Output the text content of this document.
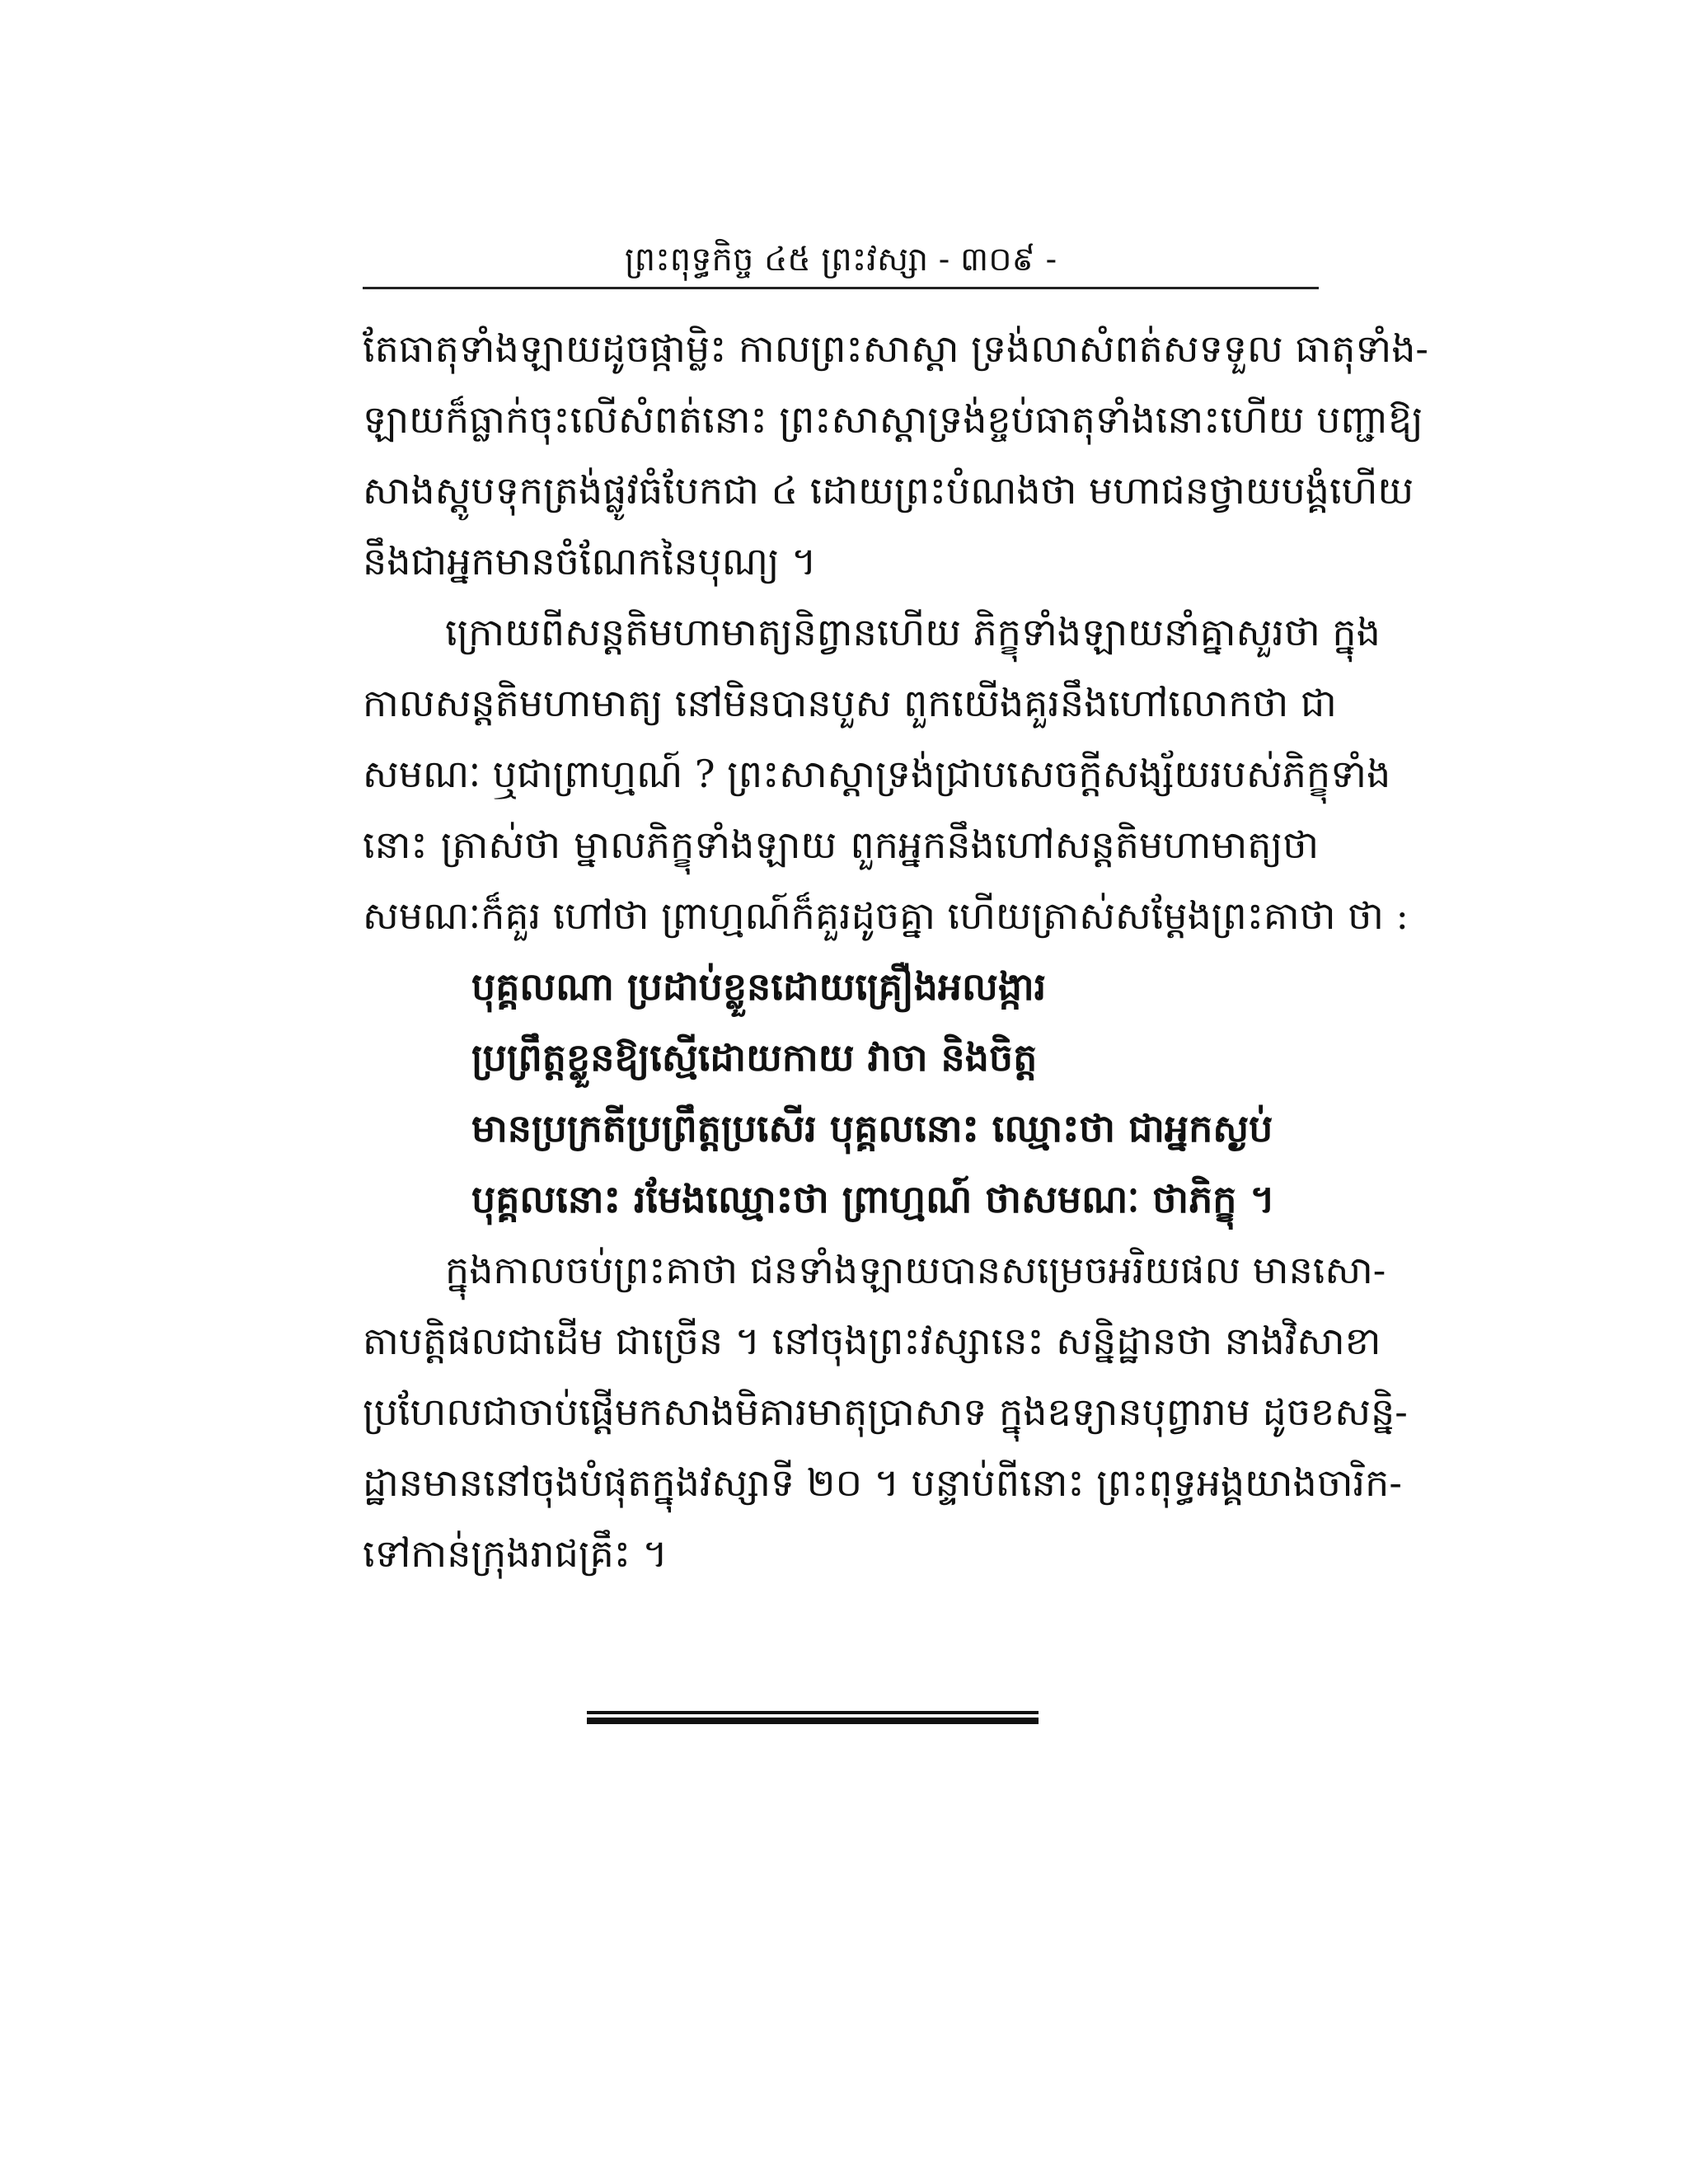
ព្រះពុទ្ធកិច្ច ៤៥ ព្រះវស្សា - ៣០៩ -
តែធាតុទាំងឡាយដូចផ្កាម្លិះ កាលព្រះសាស្តា ទ្រង់លាសំពត់សទទួល ធាតុទាំង-
ឡាយក៏ធ្លាក់ចុះលើសំពត់នោះ ព្រះសាស្តាទ្រង់ខ្ចប់ធាតុទាំងនោះហើយ បញ្ជាឱ្យ
សាងស្តូបទុកត្រង់ផ្លូវធំបែកជា ៤ ដោយព្រះបំណងថា មហាជនថ្វាយបង្គំហើយ
នឹងជាអ្នកមានចំណែកនៃបុណ្យ ។
ក្រោយពីសន្តតិមហាមាត្យនិព្វានហើយ ភិក្ខុទាំងឡាយនាំគ្នាសួរថា ក្នុង
កាលសន្តតិមហាមាត្យ នៅមិនបានបួស ពួកយើងគួរនឹងហៅលោកថា ជា
សមណៈ ឬជាព្រាហ្មណ៍ ? ព្រះសាស្តាទ្រង់ជ្រាបសេចក្តីសង្ស័យរបស់ភិក្ខុទាំង
នោះ ត្រាស់ថា ម្នាលភិក្ខុទាំងឡាយ ពួកអ្នកនឹងហៅសន្តតិមហាមាត្យថា
សមណៈក៏គួរ ហៅថា ព្រាហ្មណ៍ក៏គួរដូចគ្នា ហើយត្រាស់សម្តែងព្រះគាថា ថា :
បុគ្គលណា ប្រដាប់ខ្លួនដោយគ្រឿងអលង្ការ
ប្រព្រឹត្តខ្លួនឱ្យស្មើដោយកាយ វាចា និងចិត្ត
មានប្រក្រតីប្រព្រឹត្តប្រសើរ បុគ្គលនោះ ឈ្មោះថា ជាអ្នកស្ងប់
បុគ្គលនោះ រមែងឈ្មោះថា ព្រាហ្មណ៍ ថាសមណៈ ថាភិក្ខុ ។
ក្នុងកាលចប់ព្រះគាថា ជនទាំងឡាយបានសម្រេចអរិយផល មានសោ-
តាបត្តិផលជាដើម ជាច្រើន ។ នៅចុងព្រះវស្សានេះ សន្និដ្ឋានថា នាងវិសាខា
ប្រហែលជាចាប់ផ្តើមកសាងមិគារមាតុប្រាសាទ ក្នុងឧទ្យានបុព្វារាម ដូចខសន្និ-
ដ្ឋានមាននៅចុងបំផុតក្នុងវស្សាទី ២០ ។ បន្ទាប់ពីនោះ ព្រះពុទ្ធអង្គយាងចារិក-
ទៅកាន់ក្រុងរាជគ្រឹះ ។
